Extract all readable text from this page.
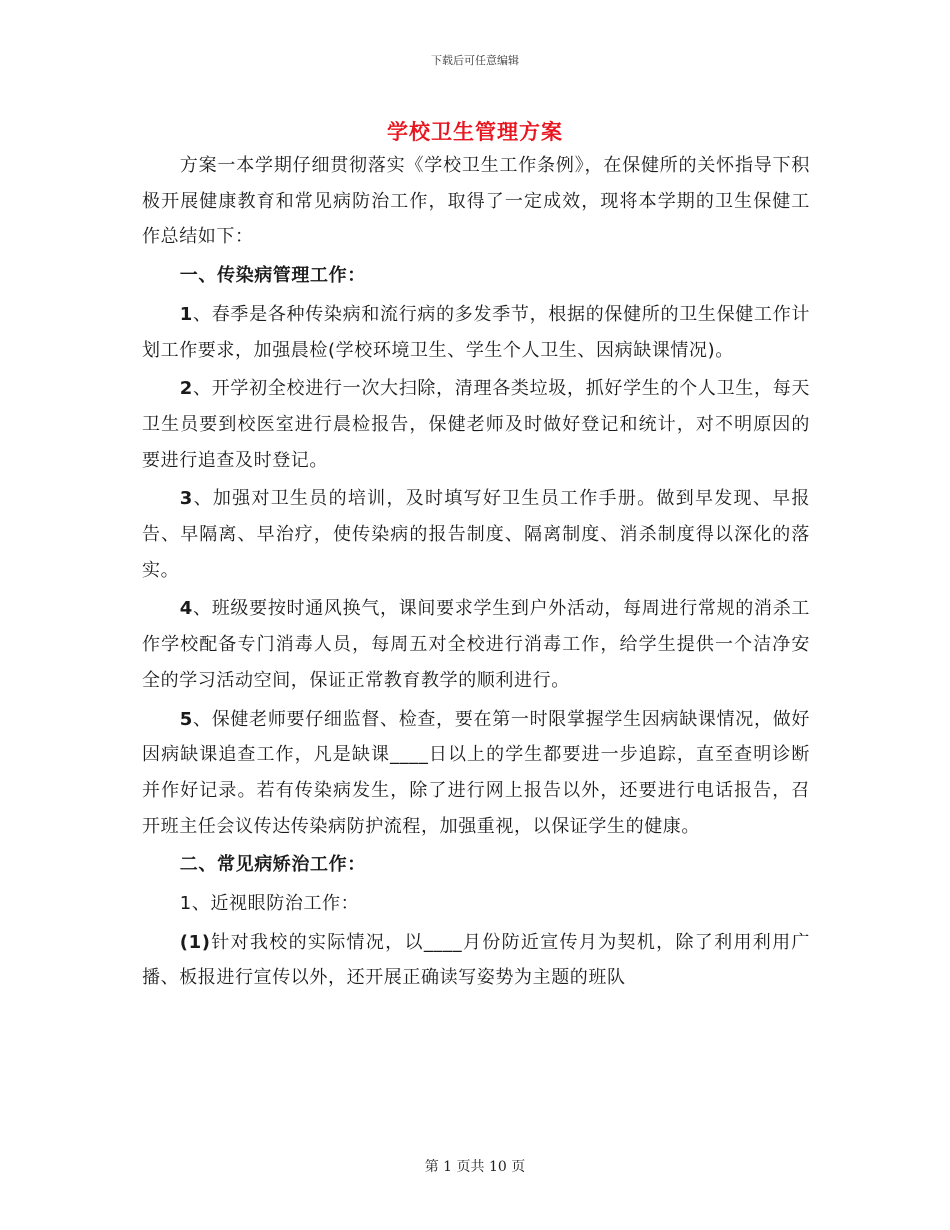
下载后可任意编辑
学校卫生管理方案

方案一本学期仔细贯彻落实《学校卫生工作条例》，在保健所的关怀指导下积极开展健康教育和常见病防治工作，取得了一定成效，现将本学期的卫生保健工作总结如下：

一、传染病管理工作：

1、春季是各种传染病和流行病的多发季节，根据的保健所的卫生保健工作计划工作要求，加强晨检(学校环境卫生、学生个人卫生、因病缺课情况)。

2、开学初全校进行一次大扫除，清理各类垃圾，抓好学生的个人卫生，每天卫生员要到校医室进行晨检报告，保健老师及时做好登记和统计，对不明原因的要进行追查及时登记。

3、加强对卫生员的培训，及时填写好卫生员工作手册。做到早发现、早报告、早隔离、早治疗，使传染病的报告制度、隔离制度、消杀制度得以深化的落实。

4、班级要按时通风换气，课间要求学生到户外活动，每周进行常规的消杀工作学校配备专门消毒人员，每周五对全校进行消毒工作，给学生提供一个洁净安全的学习活动空间，保证正常教育教学的顺利进行。

5、保健老师要仔细监督、检查，要在第一时限掌握学生因病缺课情况，做好因病缺课追查工作，凡是缺课____日以上的学生都要进一步追踪，直至查明诊断并作好记录。若有传染病发生，除了进行网上报告以外，还要进行电话报告，召开班主任会议传达传染病防护流程，加强重视，以保证学生的健康。

二、常见病矫治工作：

1、近视眼防治工作：

(1)针对我校的实际情况，以____月份防近宣传月为契机，除了利用利用广播、板报进行宣传以外，还开展正确读写姿势为主题的班队

第 1 页共 10 页
